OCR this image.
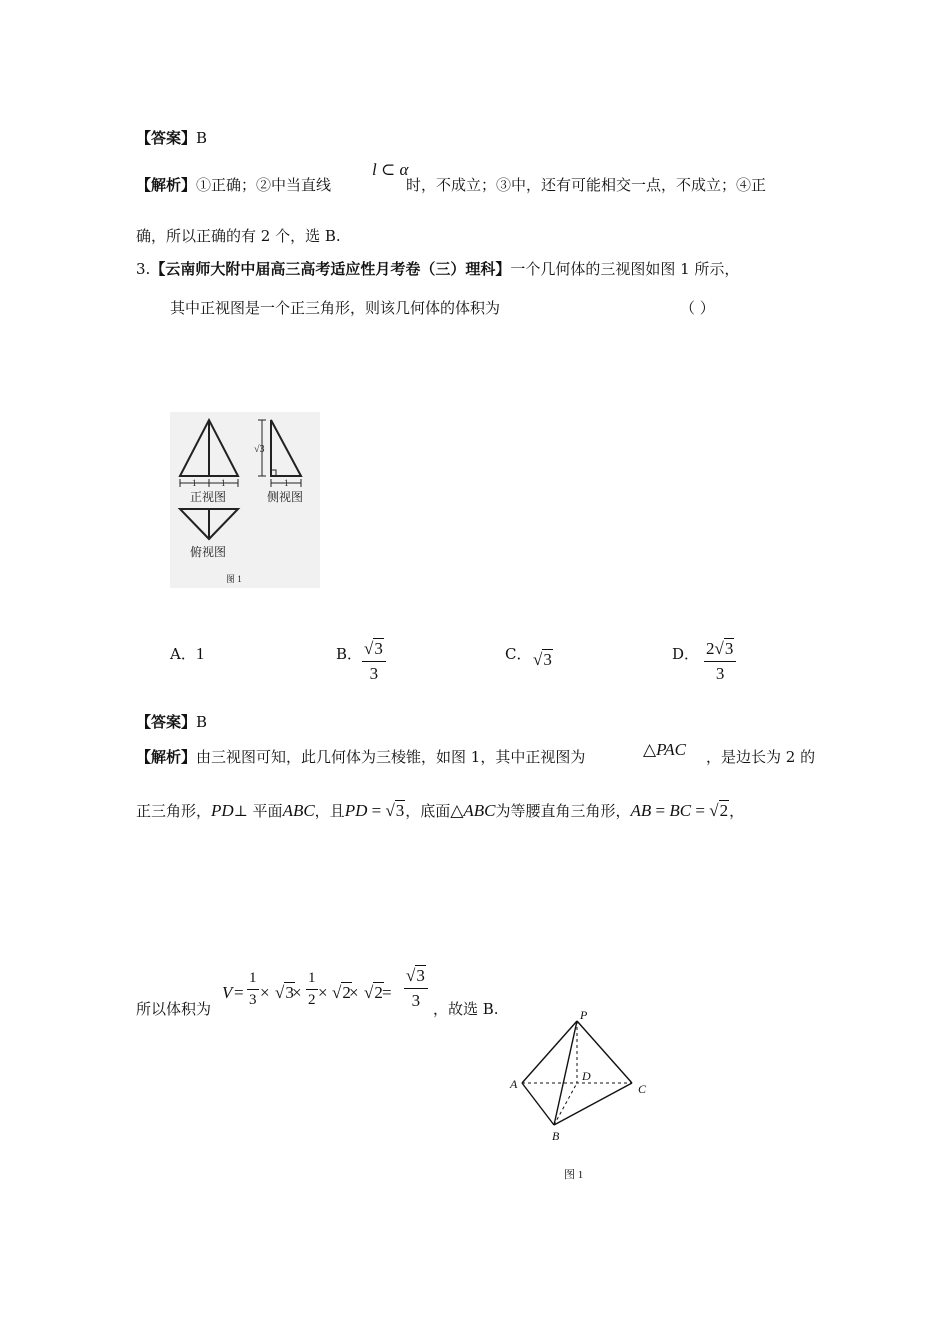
【答案】B
【解析】①正确；②中当直线
l ⊂ α
时，不成立；③中，还有可能相交一点，不成立；④正
确，所以正确的有 2 个，选 B.
3.【云南师大附中届高三高考适应性月考卷（三）理科】一个几何体的三视图如图 1 所示，
其中正视图是一个正三角形，则该几何体的体积为	（ ）
1	1
正视图
√3
1
侧视图
俯视图
图 1
A．1	B． $\frac{√3}{3}$	C． √3	D． $\frac{2√3}{3}$
【答案】B
【解析】由三视图可知，此几何体为三棱锥，如图 1，其中正视图为	△PAC ，是边长为 2 的
正三角形，PD⊥ 平面ABC，且PD = √3，底面△ABC为等腰直角三角形，AB = BC = √2，
所以体积为
$V = \frac{1}{3} \times √3$
× $\frac{1}{2} \times √2$
× $√2 = \frac{√3}{3}$ ，故选 B.	P
A	C
D
B
图 1
